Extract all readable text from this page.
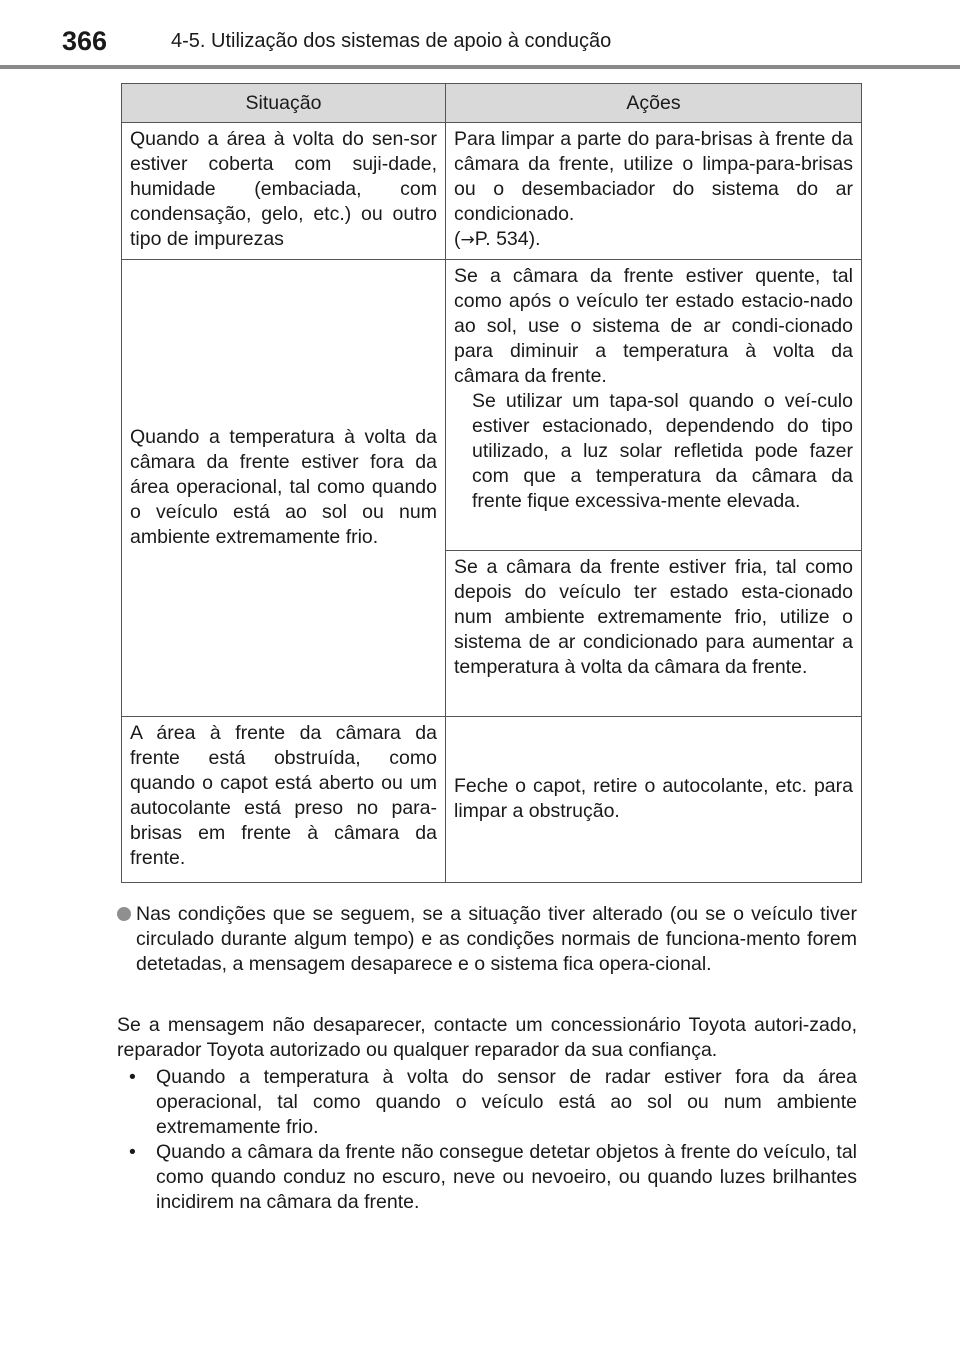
366	4-5. Utilização dos sistemas de apoio à condução
Situação	Ações
Quando a área à volta do sen-sor estiver coberta com suji-dade, humidade (embaciada, com condensação, gelo, etc.) ou outro tipo de impurezas	Para limpar a parte do para-brisas à frente da câmara da frente, utilize o limpa-para-brisas ou o desembaciador do sistema do ar condicionado.
(→P. 534).

Quando a temperatura à volta da câmara da frente estiver fora da área operacional, tal como quando o veículo está ao sol ou num ambiente extremamente frio.	Se a câmara da frente estiver quente, tal como após o veículo ter estado estacio-nado ao sol, use o sistema de ar condi-cionado para diminuir a temperatura à volta da câmara da frente.
Se utilizar um tapa-sol quando o veí-culo estiver estacionado, dependendo do tipo utilizado, a luz solar refletida pode fazer com que a temperatura da câmara da frente fique excessiva-mente elevada.

	Se a câmara da frente estiver fria, tal como depois do veículo ter estado esta-cionado num ambiente extremamente frio, utilize o sistema de ar condicionado para aumentar a temperatura à volta da câmara da frente.
A área à frente da câmara da frente está obstruída, como quando o capot está aberto ou um autocolante está preso no para-brisas em frente à câmara da frente.	Feche o capot, retire o autocolante, etc. para limpar a obstrução.
Nas condições que se seguem, se a situação tiver alterado (ou se o veículo tiver circulado durante algum tempo) e as condições normais de funciona-mento forem detetadas, a mensagem desaparece e o sistema fica opera-cional.
Se a mensagem não desaparecer, contacte um concessionário Toyota autori-zado, reparador Toyota autorizado ou qualquer reparador da sua confiança.
• Quando a temperatura à volta do sensor de radar estiver fora da área operacional, tal como quando o veículo está ao sol ou num ambiente extremamente frio.
• Quando a câmara da frente não consegue detetar objetos à frente do veículo, tal como quando conduz no escuro, neve ou nevoeiro, ou quando luzes brilhantes incidirem na câmara da frente.
